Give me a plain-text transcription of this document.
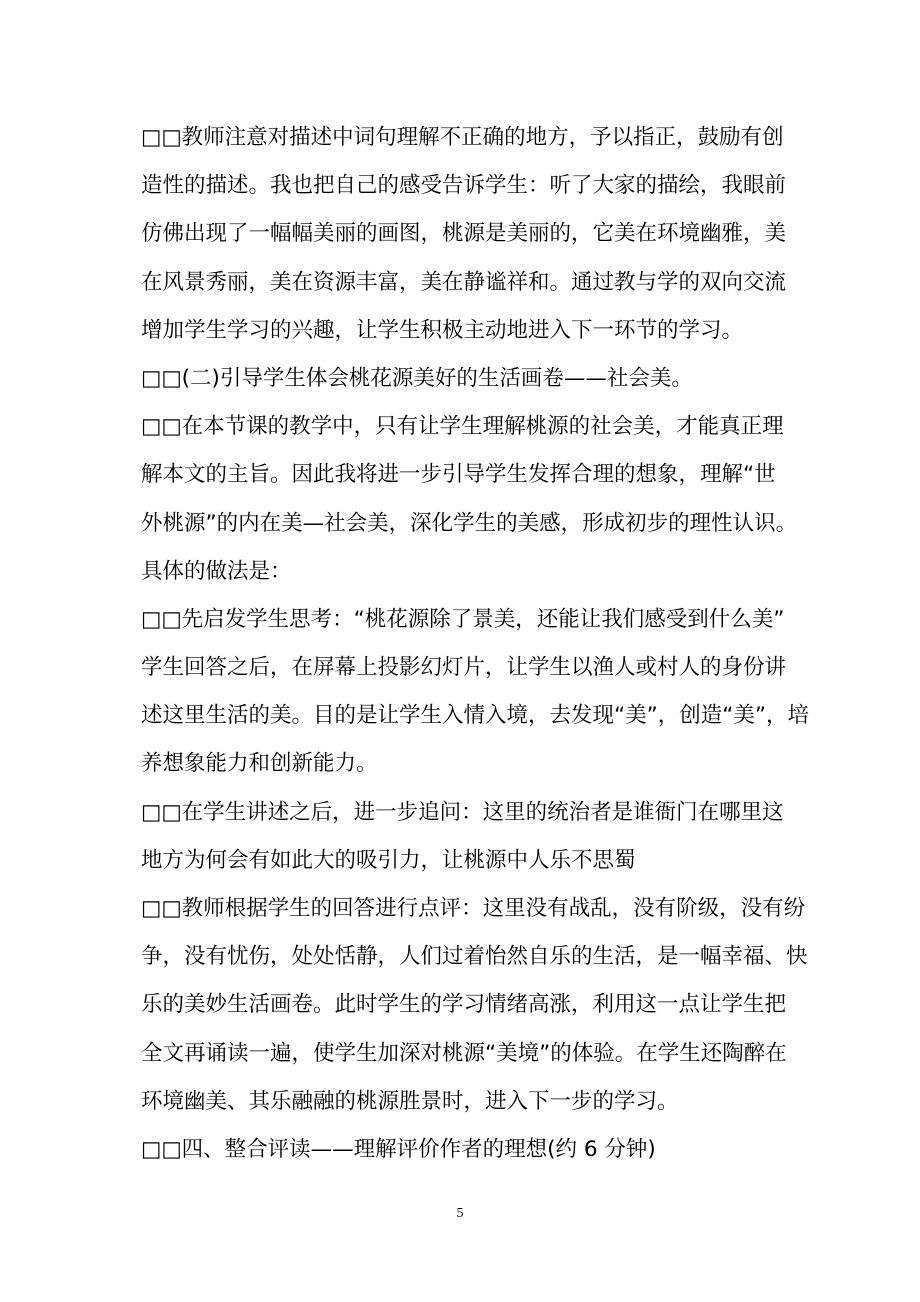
□□教师注意对描述中词句理解不正确的地方，予以指正，鼓励有创
造性的描述。我也把自己的感受告诉学生：听了大家的描绘，我眼前
仿佛出现了一幅幅美丽的画图，桃源是美丽的，它美在环境幽雅，美
在风景秀丽，美在资源丰富，美在静谧祥和。通过教与学的双向交流
增加学生学习的兴趣，让学生积极主动地进入下一环节的学习。
□□(二)引导学生体会桃花源美好的生活画卷——社会美。
□□在本节课的教学中，只有让学生理解桃源的社会美，才能真正理
解本文的主旨。因此我将进一步引导学生发挥合理的想象，理解“世
外桃源”的内在美—社会美，深化学生的美感，形成初步的理性认识。
具体的做法是：
□□先启发学生思考：“桃花源除了景美，还能让我们感受到什么美”
学生回答之后，在屏幕上投影幻灯片，让学生以渔人或村人的身份讲
述这里生活的美。目的是让学生入情入境，去发现“美”，创造“美”，培
养想象能力和创新能力。
□□在学生讲述之后，进一步追问：这里的统治者是谁衙门在哪里这
地方为何会有如此大的吸引力，让桃源中人乐不思蜀
□□教师根据学生的回答进行点评：这里没有战乱，没有阶级，没有纷
争，没有忧伤，处处恬静，人们过着怡然自乐的生活，是一幅幸福、快
乐的美妙生活画卷。此时学生的学习情绪高涨，利用这一点让学生把
全文再诵读一遍，使学生加深对桃源“美境”的体验。在学生还陶醉在
环境幽美、其乐融融的桃源胜景时，进入下一步的学习。
□□四、整合评读——理解评价作者的理想(约 6 分钟)
5
